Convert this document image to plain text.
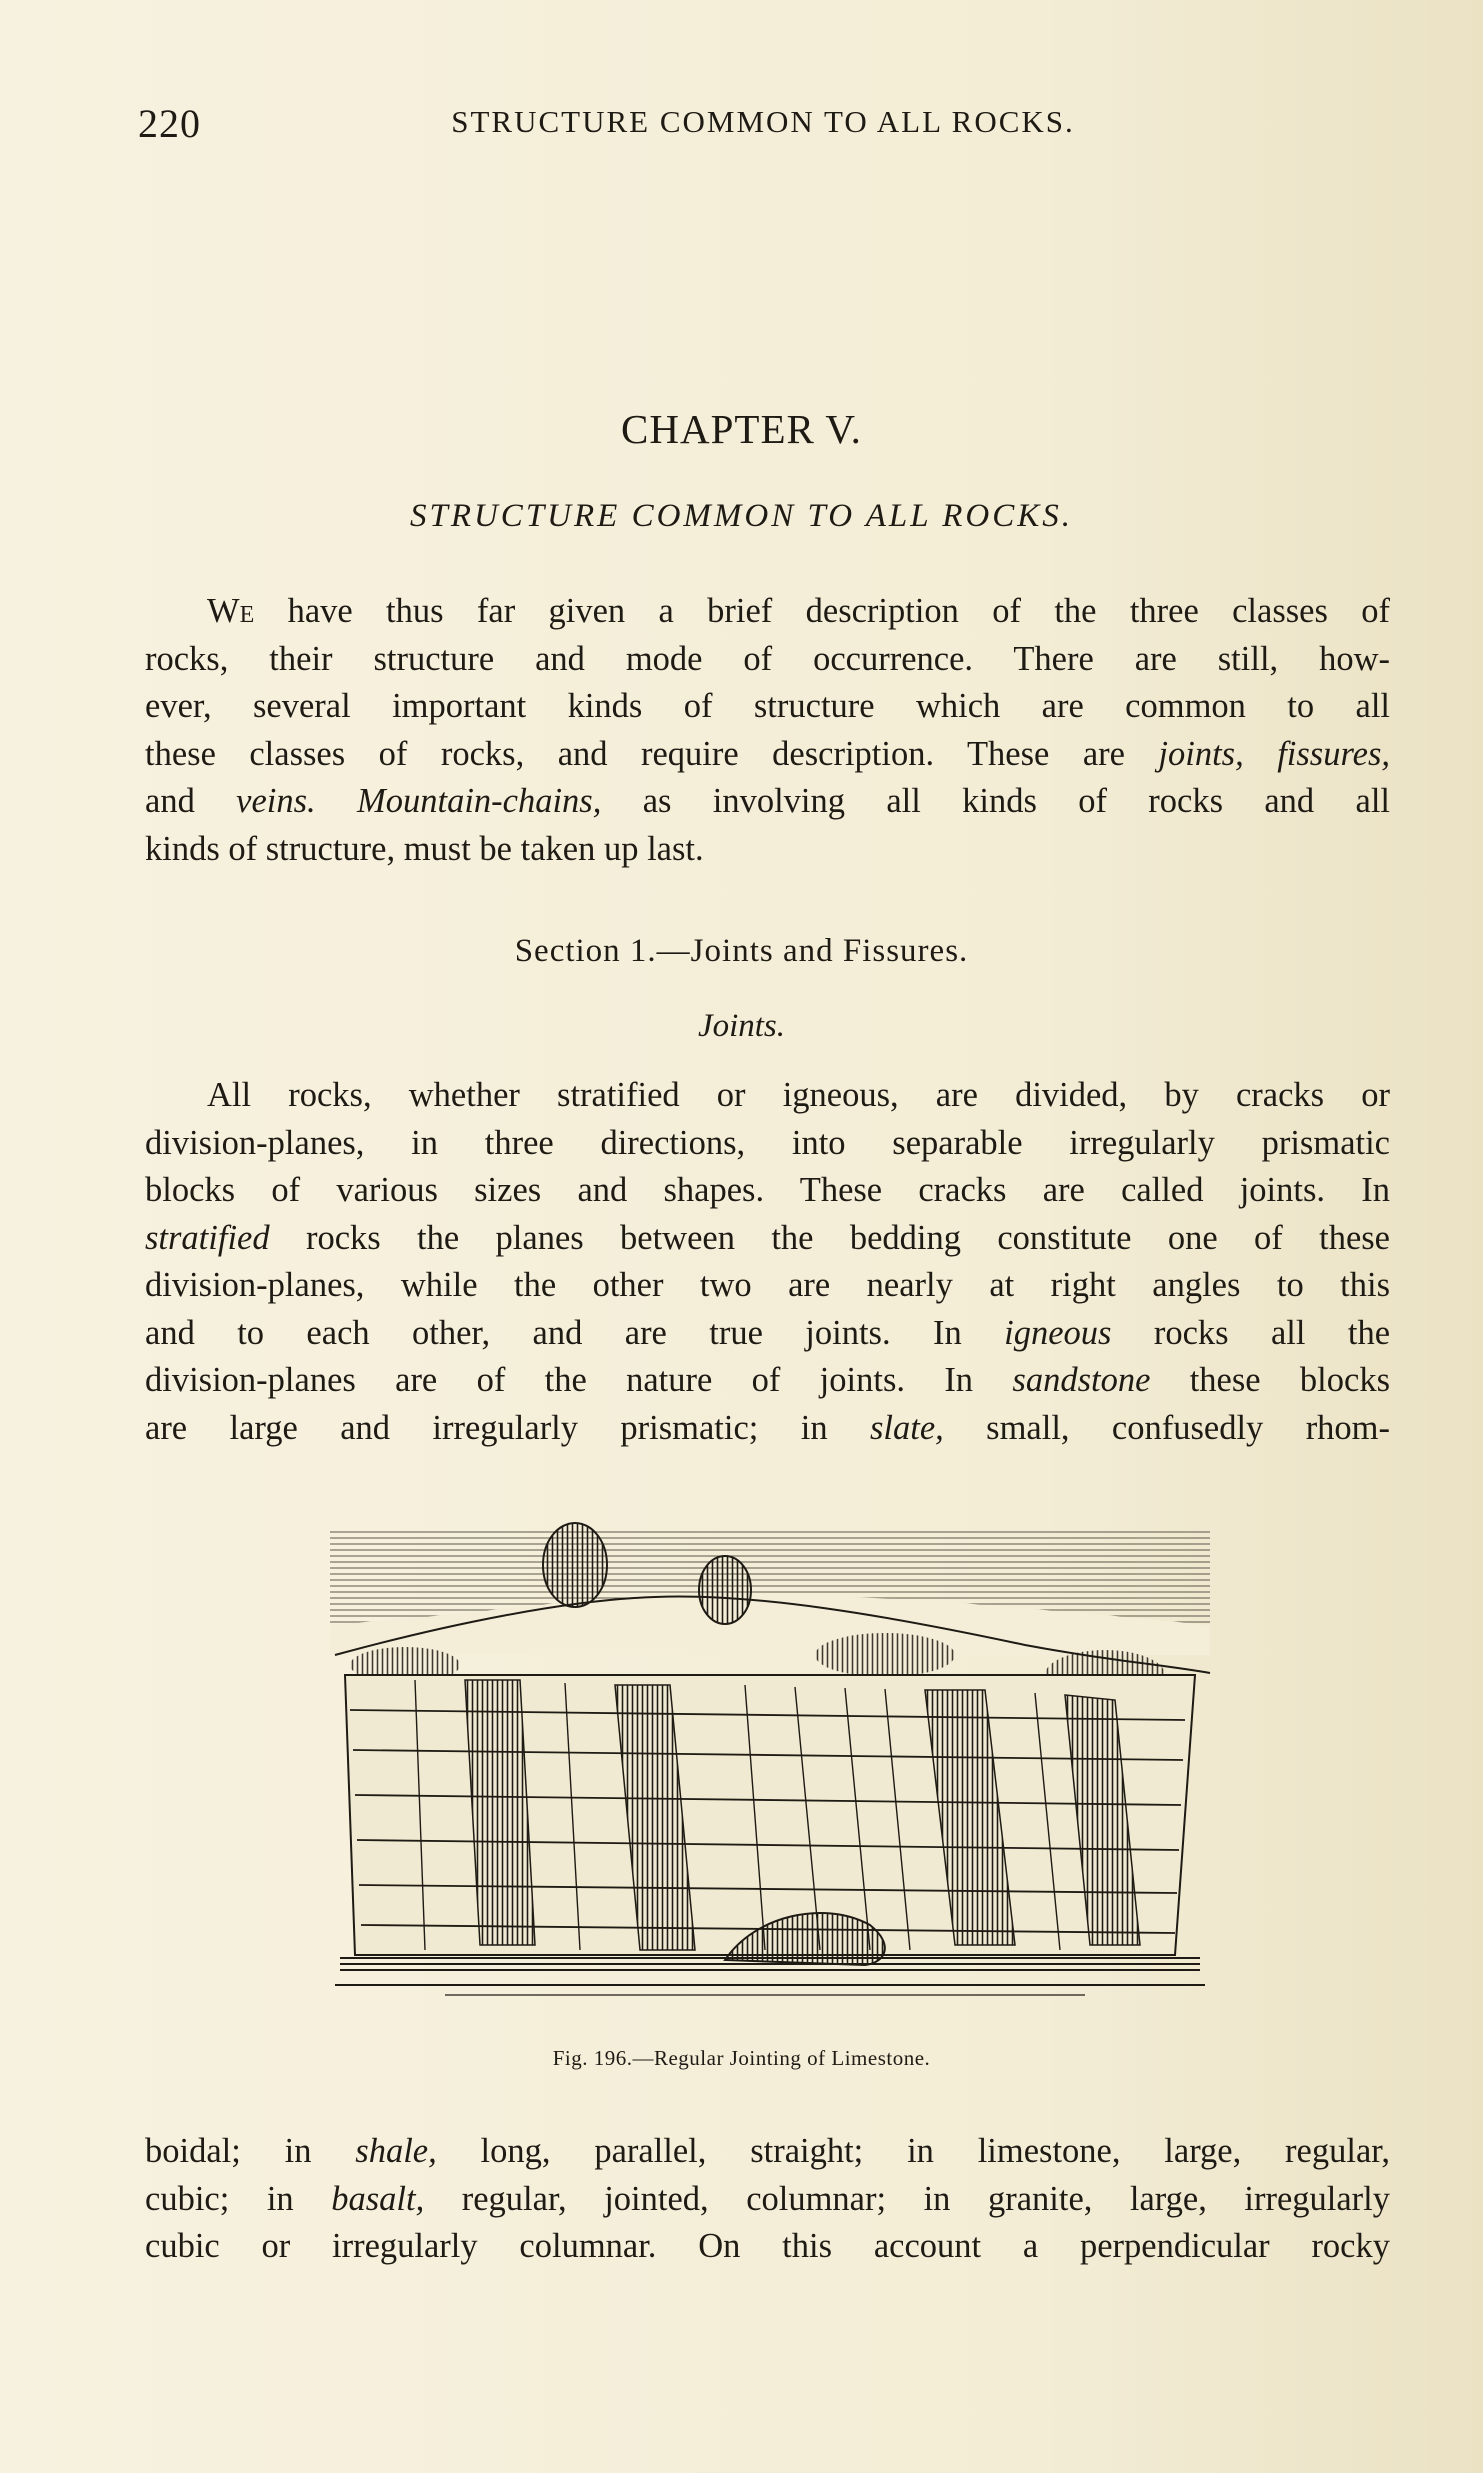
220	STRUCTURE COMMON TO ALL ROCKS.
CHAPTER V.
STRUCTURE COMMON TO ALL ROCKS.
We have thus far given a brief description of the three classes of
rocks, their structure and mode of occurrence. There are still, how-
ever, several important kinds of structure which are common to all
these classes of rocks, and require description. These are joints, fissures,
and veins. Mountain-chains, as involving all kinds of rocks and all
kinds of structure, must be taken up last.
Section 1.—Joints and Fissures.
Joints.
All rocks, whether stratified or igneous, are divided, by cracks or
division-planes, in three directions, into separable irregularly prismatic
blocks of various sizes and shapes. These cracks are called joints. In
stratified rocks the planes between the bedding constitute one of these
division-planes, while the other two are nearly at right angles to this
and to each other, and are true joints. In igneous rocks all the
division-planes are of the nature of joints. In sandstone these blocks
are large and irregularly prismatic; in slate, small, confusedly rhom-
Fig. 196.—Regular Jointing of Limestone.
boidal; in shale, long, parallel, straight; in limestone, large, regular,
cubic; in basalt, regular, jointed, columnar; in granite, large, irregularly
cubic or irregularly columnar. On this account a perpendicular rocky
